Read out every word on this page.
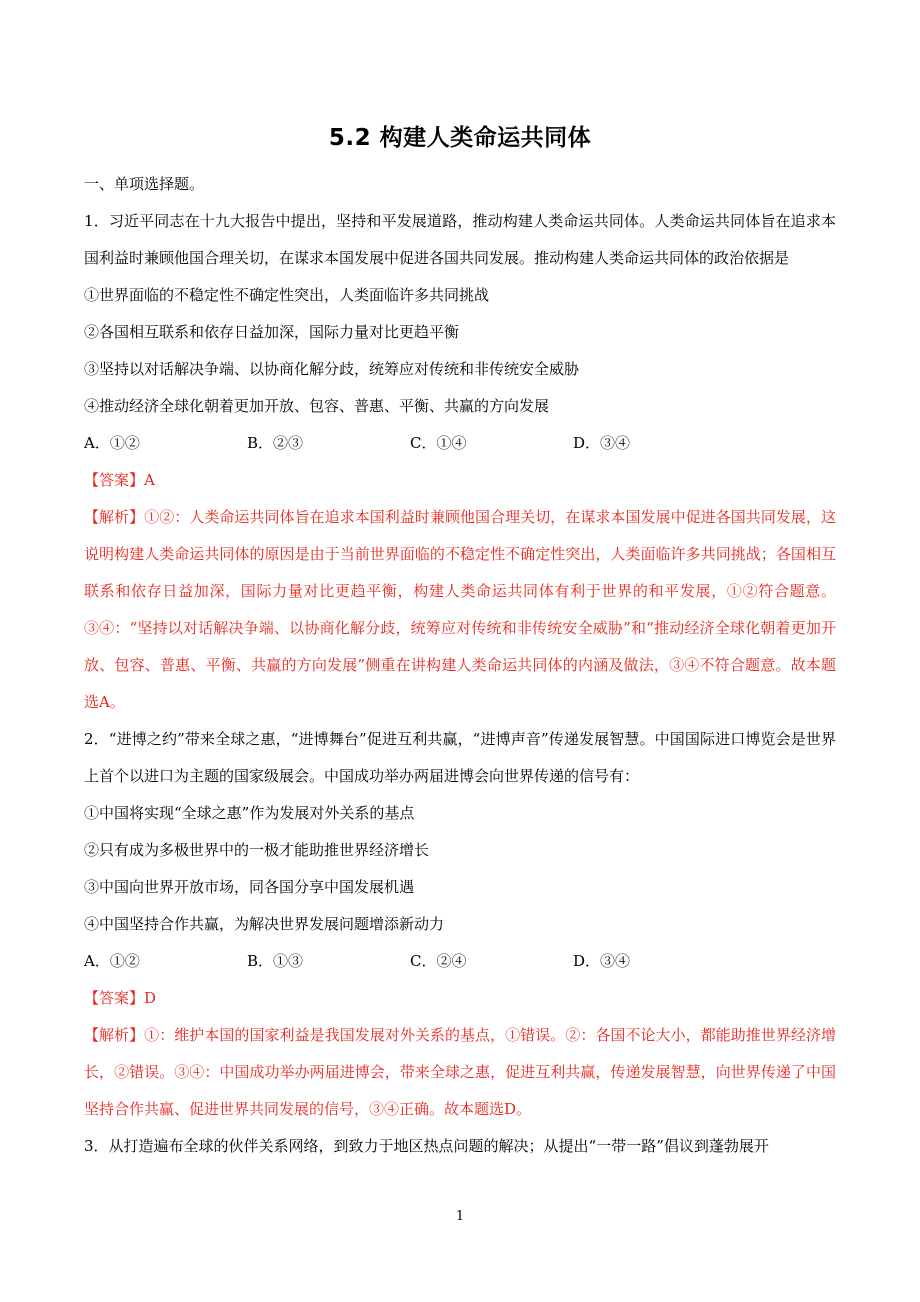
5.2 构建人类命运共同体

一、单项选择题。

1．习近平同志在十九大报告中提出，坚持和平发展道路，推动构建人类命运共同体。人类命运共同体旨在追求本国利益时兼顾他国合理关切，在谋求本国发展中促进各国共同发展。推动构建人类命运共同体的政治依据是

①世界面临的不稳定性不确定性突出，人类面临许多共同挑战

②各国相互联系和依存日益加深，国际力量对比更趋平衡

③坚持以对话解决争端、以协商化解分歧，统筹应对传统和非传统安全威胁

④推动经济全球化朝着更加开放、包容、普惠、平衡、共赢的方向发展

A．①②	B．②③	C．①④	D．③④

【答案】A

【解析】①②：人类命运共同体旨在追求本国利益时兼顾他国合理关切，在谋求本国发展中促进各国共同发展，这说明构建人类命运共同体的原因是由于当前世界面临的不稳定性不确定性突出，人类面临许多共同挑战；各国相互联系和依存日益加深，国际力量对比更趋平衡，构建人类命运共同体有利于世界的和平发展，①②符合题意。③④：“坚持以对话解决争端、以协商化解分歧，统筹应对传统和非传统安全威胁”和“推动经济全球化朝着更加开放、包容、普惠、平衡、共赢的方向发展”侧重在讲构建人类命运共同体的内涵及做法，③④不符合题意。故本题选A。

2．“进博之约”带来全球之惠，“进博舞台”促进互利共赢，“进博声音”传递发展智慧。中国国际进口博览会是世界上首个以进口为主题的国家级展会。中国成功举办两届进博会向世界传递的信号有：

①中国将实现“全球之惠”作为发展对外关系的基点

②只有成为多极世界中的一极才能助推世界经济增长

③中国向世界开放市场，同各国分享中国发展机遇

④中国坚持合作共赢，为解决世界发展问题增添新动力

A．①②	B．①③	C．②④	D．③④

【答案】D

【解析】①：维护本国的国家利益是我国发展对外关系的基点，①错误。②：各国不论大小，都能助推世界经济增长，②错误。③④：中国成功举办两届进博会，带来全球之惠，促进互利共赢，传递发展智慧，向世界传递了中国坚持合作共赢、促进世界共同发展的信号，③④正确。故本题选D。

3．从打造遍布全球的伙伴关系网络，到致力于地区热点问题的解决；从提出“一带一路”倡议到蓬勃展开

1
